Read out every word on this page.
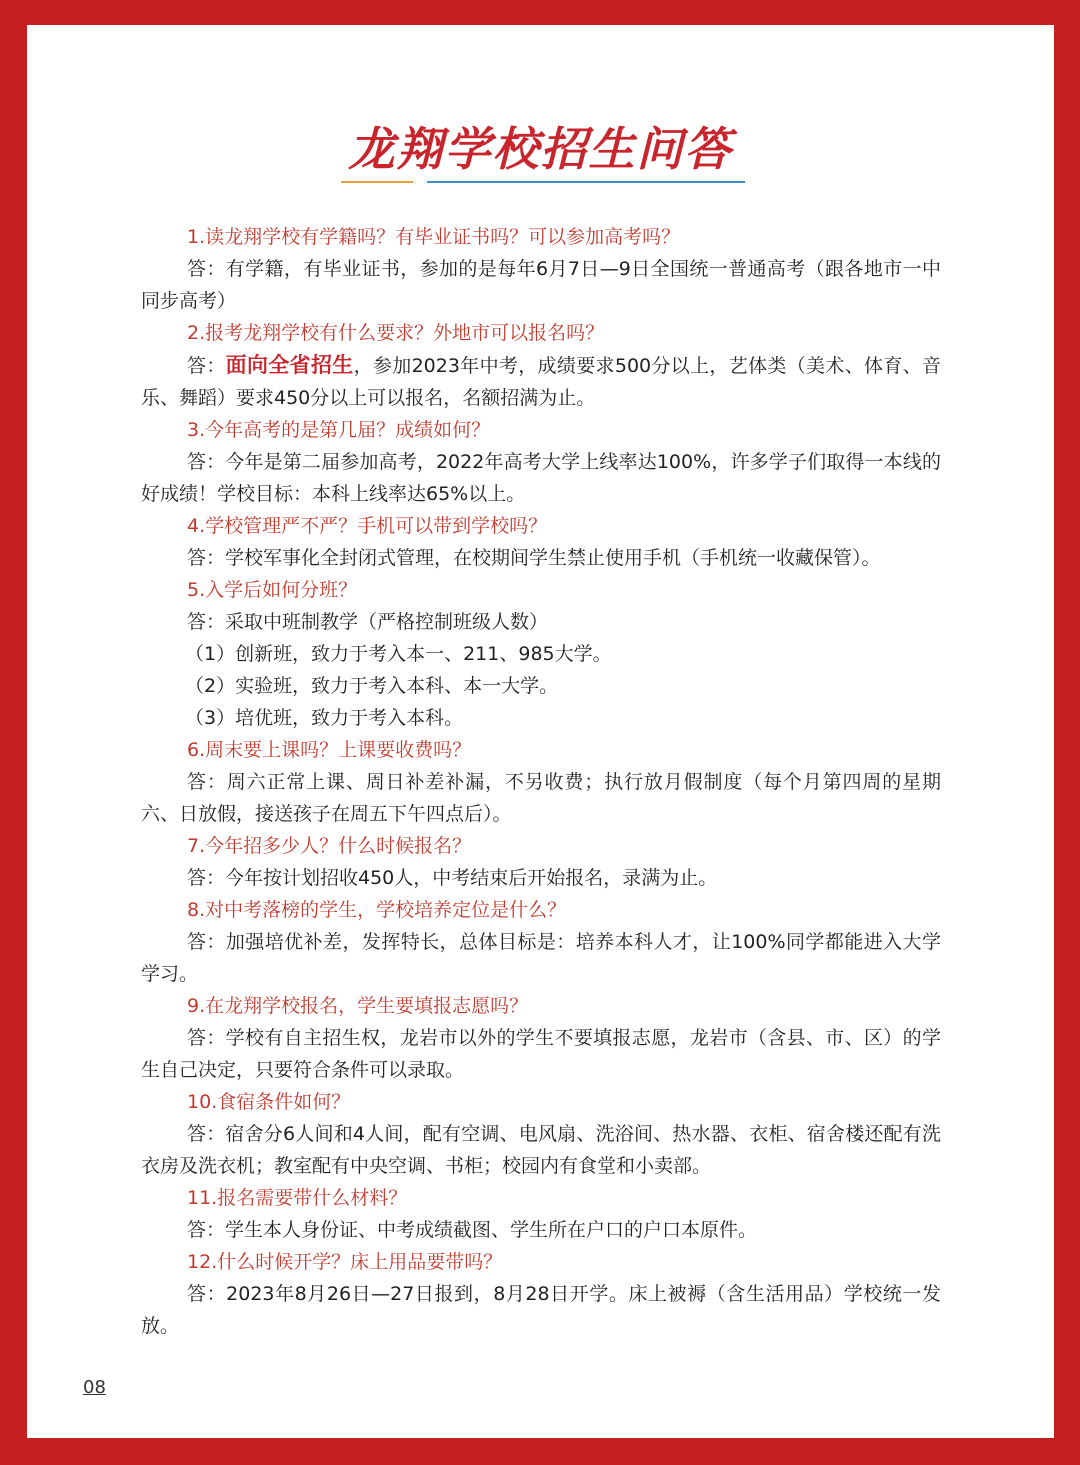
龙翔学校招生问答
1.读龙翔学校有学籍吗？有毕业证书吗？可以参加高考吗？
答：有学籍，有毕业证书，参加的是每年6月7日—9日全国统一普通高考（跟各地市一中同步高考）
2.报考龙翔学校有什么要求？外地市可以报名吗？
答：面向全省招生，参加2023年中考，成绩要求500分以上，艺体类（美术、体育、音乐、舞蹈）要求450分以上可以报名，名额招满为止。
3.今年高考的是第几届？成绩如何？
答：今年是第二届参加高考，2022年高考大学上线率达100%，许多学子们取得一本线的好成绩！学校目标：本科上线率达65%以上。
4.学校管理严不严？手机可以带到学校吗？
答：学校军事化全封闭式管理，在校期间学生禁止使用手机（手机统一收藏保管）。
5.入学后如何分班？
答：采取中班制教学（严格控制班级人数）
（1）创新班，致力于考入本一、211、985大学。
（2）实验班，致力于考入本科、本一大学。
（3）培优班，致力于考入本科。
6.周末要上课吗？上课要收费吗？
答：周六正常上课、周日补差补漏，不另收费；执行放月假制度（每个月第四周的星期六、日放假，接送孩子在周五下午四点后）。
7.今年招多少人？什么时候报名？
答：今年按计划招收450人，中考结束后开始报名，录满为止。
8.对中考落榜的学生，学校培养定位是什么？
答：加强培优补差，发挥特长，总体目标是：培养本科人才，让100%同学都能进入大学学习。
9.在龙翔学校报名，学生要填报志愿吗？
答：学校有自主招生权，龙岩市以外的学生不要填报志愿，龙岩市（含县、市、区）的学生自己决定，只要符合条件可以录取。
10.食宿条件如何？
答：宿舍分6人间和4人间，配有空调、电风扇、洗浴间、热水器、衣柜、宿舍楼还配有洗衣房及洗衣机；教室配有中央空调、书柜；校园内有食堂和小卖部。
11.报名需要带什么材料？
答：学生本人身份证、中考成绩截图、学生所在户口的户口本原件。
12.什么时候开学？床上用品要带吗？
答：2023年8月26日—27日报到，8月28日开学。床上被褥（含生活用品）学校统一发放。
08
